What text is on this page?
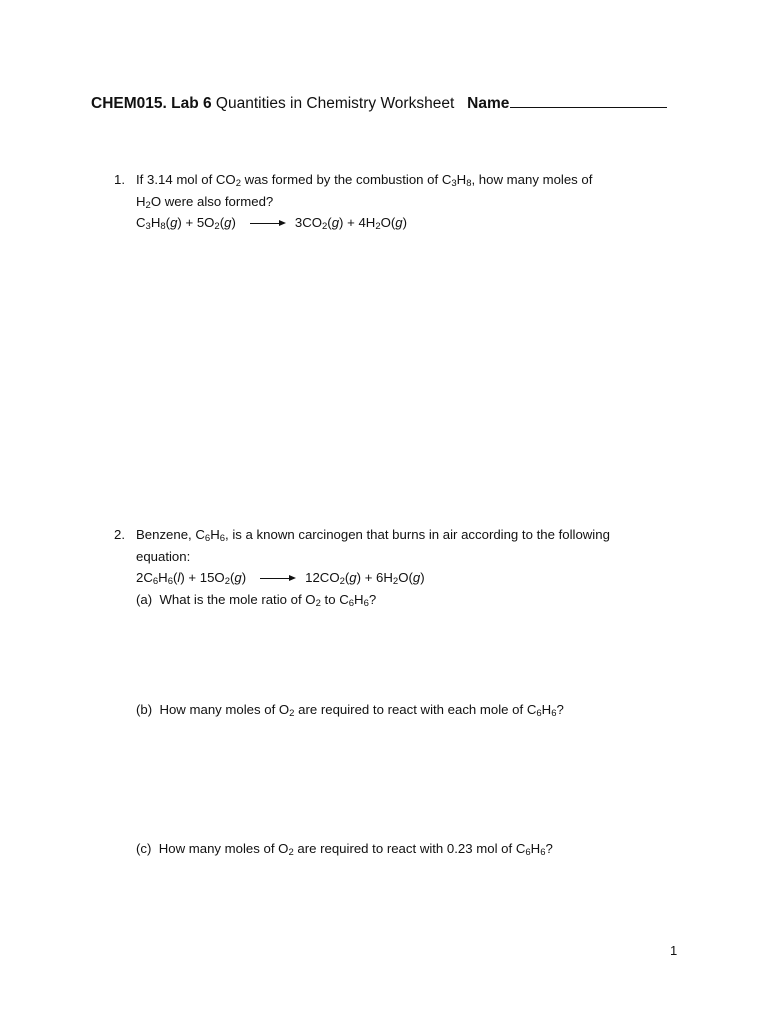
CHEM015. Lab 6 Quantities in Chemistry Worksheet Name
1. If 3.14 mol of $CO_2$ was formed by the combustion of $C_3H_8$, how many moles of
$H_2O$ were also formed?
$C_3H_8(g) + 5O_2(g)$	$3CO_2(g) + 4H_2O(g)$
2. Benzene, $C_6H_6$, is a known carcinogen that burns in air according to the following
equation:
$2C_6H_6(l) + 15O_2(g)$	$12CO_2(g) + 6H_2O(g)$
(a) What is the mole ratio of $O_2$ to $C_6H_6$?
(b) How many moles of $O_2$ are required to react with each mole of $C_6H_6$?
(c) How many moles of $O_2$ are required to react with 0.23 mol of $C_6H_6$?
1
